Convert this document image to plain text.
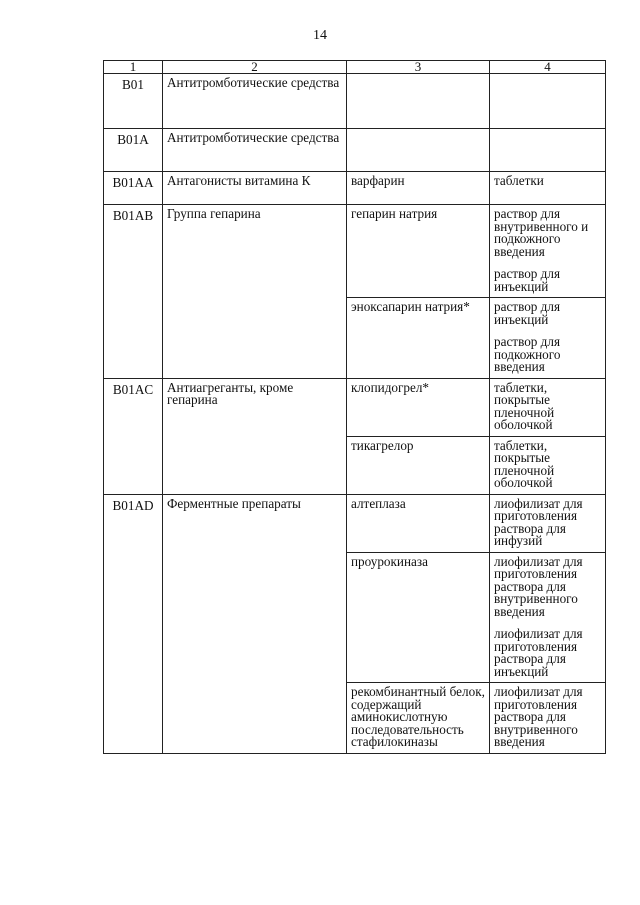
14
1	2	3	4
B01	Антитромботические средства		
B01A	Антитромботические средства		
B01AA	Антагонисты витамина К	варфарин	таблетки

B01AB	Группа гепарина	гепарин натрия	раствор для внутривенного и подкожного введения
раствор для инъекций

		эноксапарин натрия*	раствор для инъекций
раствор для подкожного введения

B01AC	Антиагреганты, кроме гепарина	клопидогрел*	таблетки, покрытые пленочной оболочкой

		тикагрелор	таблетки, покрытые пленочной оболочкой

B01AD	Ферментные препараты	алтеплаза	лиофилизат для приготовления раствора для инфузий

		проурокиназа	лиофилизат для приготовления раствора для внутривенного введения
лиофилизат для приготовления раствора для инъекций

		рекомбинантный белок, содержащий аминокислотную последовательность стафилокиназы	лиофилизат для приготовления раствора для внутривенного введения
